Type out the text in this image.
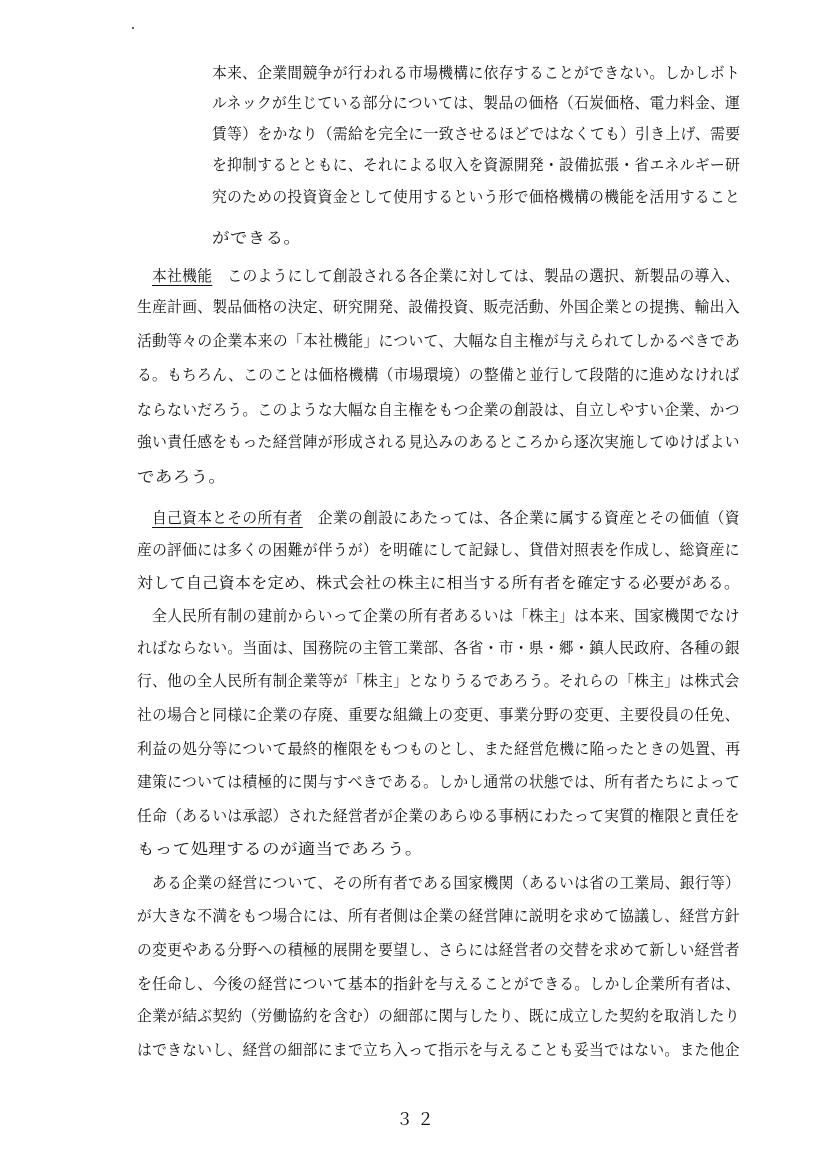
本来、企業間競争が行われる市場機構に依存することができない。しかしボト
ルネックが生じている部分については、製品の価格（石炭価格、電力料金、運
賃等）をかなり（需給を完全に一致させるほどではなくても）引き上げ、需要
を抑制するとともに、それによる収入を資源開発・設備拡張・省エネルギー研
究のための投資資金として使用するという形で価格機構の機能を活用すること
ができる。
本社機能　このようにして創設される各企業に対しては、製品の選択、新製品の導入、
生産計画、製品価格の決定、研究開発、設備投資、販売活動、外国企業との提携、輸出入
活動等々の企業本来の「本社機能」について、大幅な自主権が与えられてしかるべきであ
る。もちろん、このことは価格機構（市場環境）の整備と並行して段階的に進めなければ
ならないだろう。このような大幅な自主権をもつ企業の創設は、自立しやすい企業、かつ
強い責任感をもった経営陣が形成される見込みのあるところから逐次実施してゆけばよい
であろう。
自己資本とその所有者　企業の創設にあたっては、各企業に属する資産とその価値（資
産の評価には多くの困難が伴うが）を明確にして記録し、貸借対照表を作成し、総資産に
対して自己資本を定め、株式会社の株主に相当する所有者を確定する必要がある。
全人民所有制の建前からいって企業の所有者あるいは「株主」は本来、国家機関でなけ
ればならない。当面は、国務院の主管工業部、各省・市・県・郷・鎮人民政府、各種の銀
行、他の全人民所有制企業等が「株主」となりうるであろう。それらの「株主」は株式会
社の場合と同様に企業の存廃、重要な組織上の変更、事業分野の変更、主要役員の任免、
利益の処分等について最終的権限をもつものとし、また経営危機に陥ったときの処置、再
建策については積極的に関与すべきである。しかし通常の状態では、所有者たちによって
任命（あるいは承認）された経営者が企業のあらゆる事柄にわたって実質的権限と責任を
もって処理するのが適当であろう。
ある企業の経営について、その所有者である国家機関（あるいは省の工業局、銀行等）
が大きな不満をもつ場合には、所有者側は企業の経営陣に説明を求めて協議し、経営方針
の変更やある分野への積極的展開を要望し、さらには経営者の交替を求めて新しい経営者
を任命し、今後の経営について基本的指針を与えることができる。しかし企業所有者は、
企業が結ぶ契約（労働協約を含む）の細部に関与したり、既に成立した契約を取消したり
はできないし、経営の細部にまで立ち入って指示を与えることも妥当ではない。また他企
３２
